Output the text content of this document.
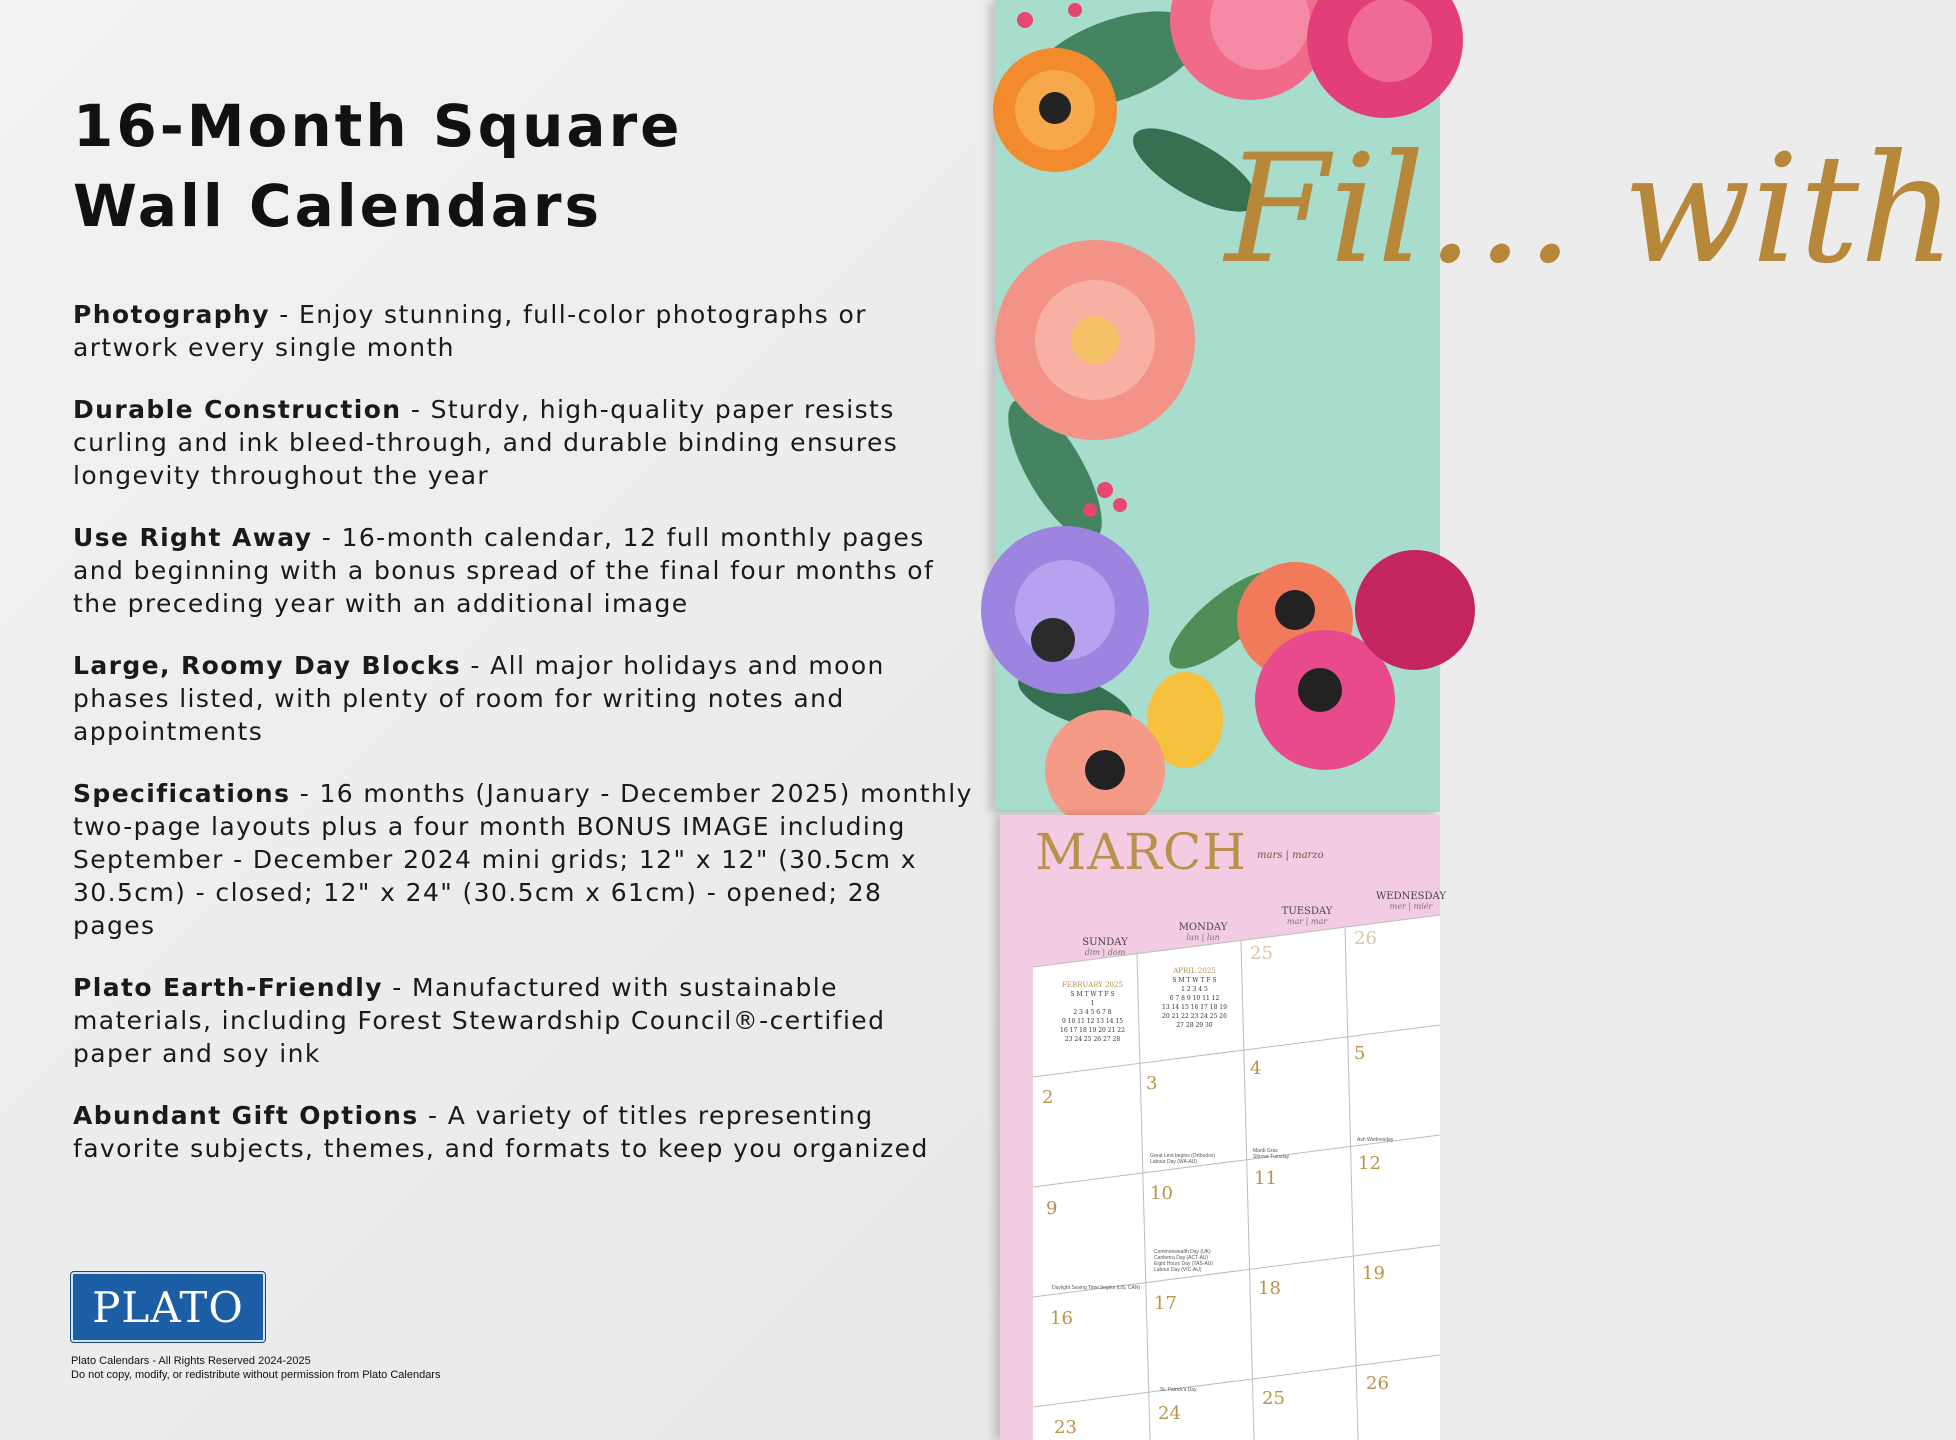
16-Month Square
Wall Calendars
Photography - Enjoy stunning, full-color photographs or artwork every single month
Durable Construction - Sturdy, high-quality paper resists curling and ink bleed-through, and durable binding ensures longevity throughout the year
Use Right Away - 16-month calendar, 12 full monthly pages and beginning with a bonus spread of the final four months of the preceding year with an additional image
Large, Roomy Day Blocks - All major holidays and moon phases listed, with plenty of room for writing notes and appointments
Specifications - 16 months (January - December 2025) monthly two-page layouts plus a four month BONUS IMAGE including September - December 2024 mini grids; 12" x 12" (30.5cm x 30.5cm) - closed; 12" x 24" (30.5cm x 61cm) - opened; 28 pages
Plato Earth-Friendly - Manufactured with sustainable materials, including Forest Stewardship Council®-certified paper and soy ink
Abundant Gift Options - A variety of titles representing favorite subjects, themes, and formats to keep you organized
PLATO
Plato Calendars - All Rights Reserved 2024-2025
Do not copy, modify, or redistribute without permission from Plato Calendars
Fil… with
MARCH mars | marzo
SUNDAY
dim | dom
MONDAY
lun | lun
TUESDAY
mar | mar
WEDNESDAY
mer | miér
FEBRUARY 2025
S M T W T F S
1
2 3 4 5 6 7 8
9 10 11 12 13 14 15
16 17 18 19 20 21 22
23 24 25 26 27 28
APRIL 2025
S M T W T F S
1 2 3 4 5
6 7 8 9 10 11 12
13 14 15 16 17 18 19
20 21 22 23 24 25 26
27 28 29 30
25
26
2
3
4
5
9
10
11
12
16
17
18
19
23
24
25
26
Great Lent begins (Orthodox)
Labour Day (WA-AU)
Mardi Gras
Shrove Tuesday
Ash Wednesday
Daylight Saving Time begins (US, CAN)
Commonwealth Day (UK)
Canberra Day (ACT-AU)
Eight Hours Day (TAS-AU)
Labour Day (VIC-AU)
St. Patrick's Day
